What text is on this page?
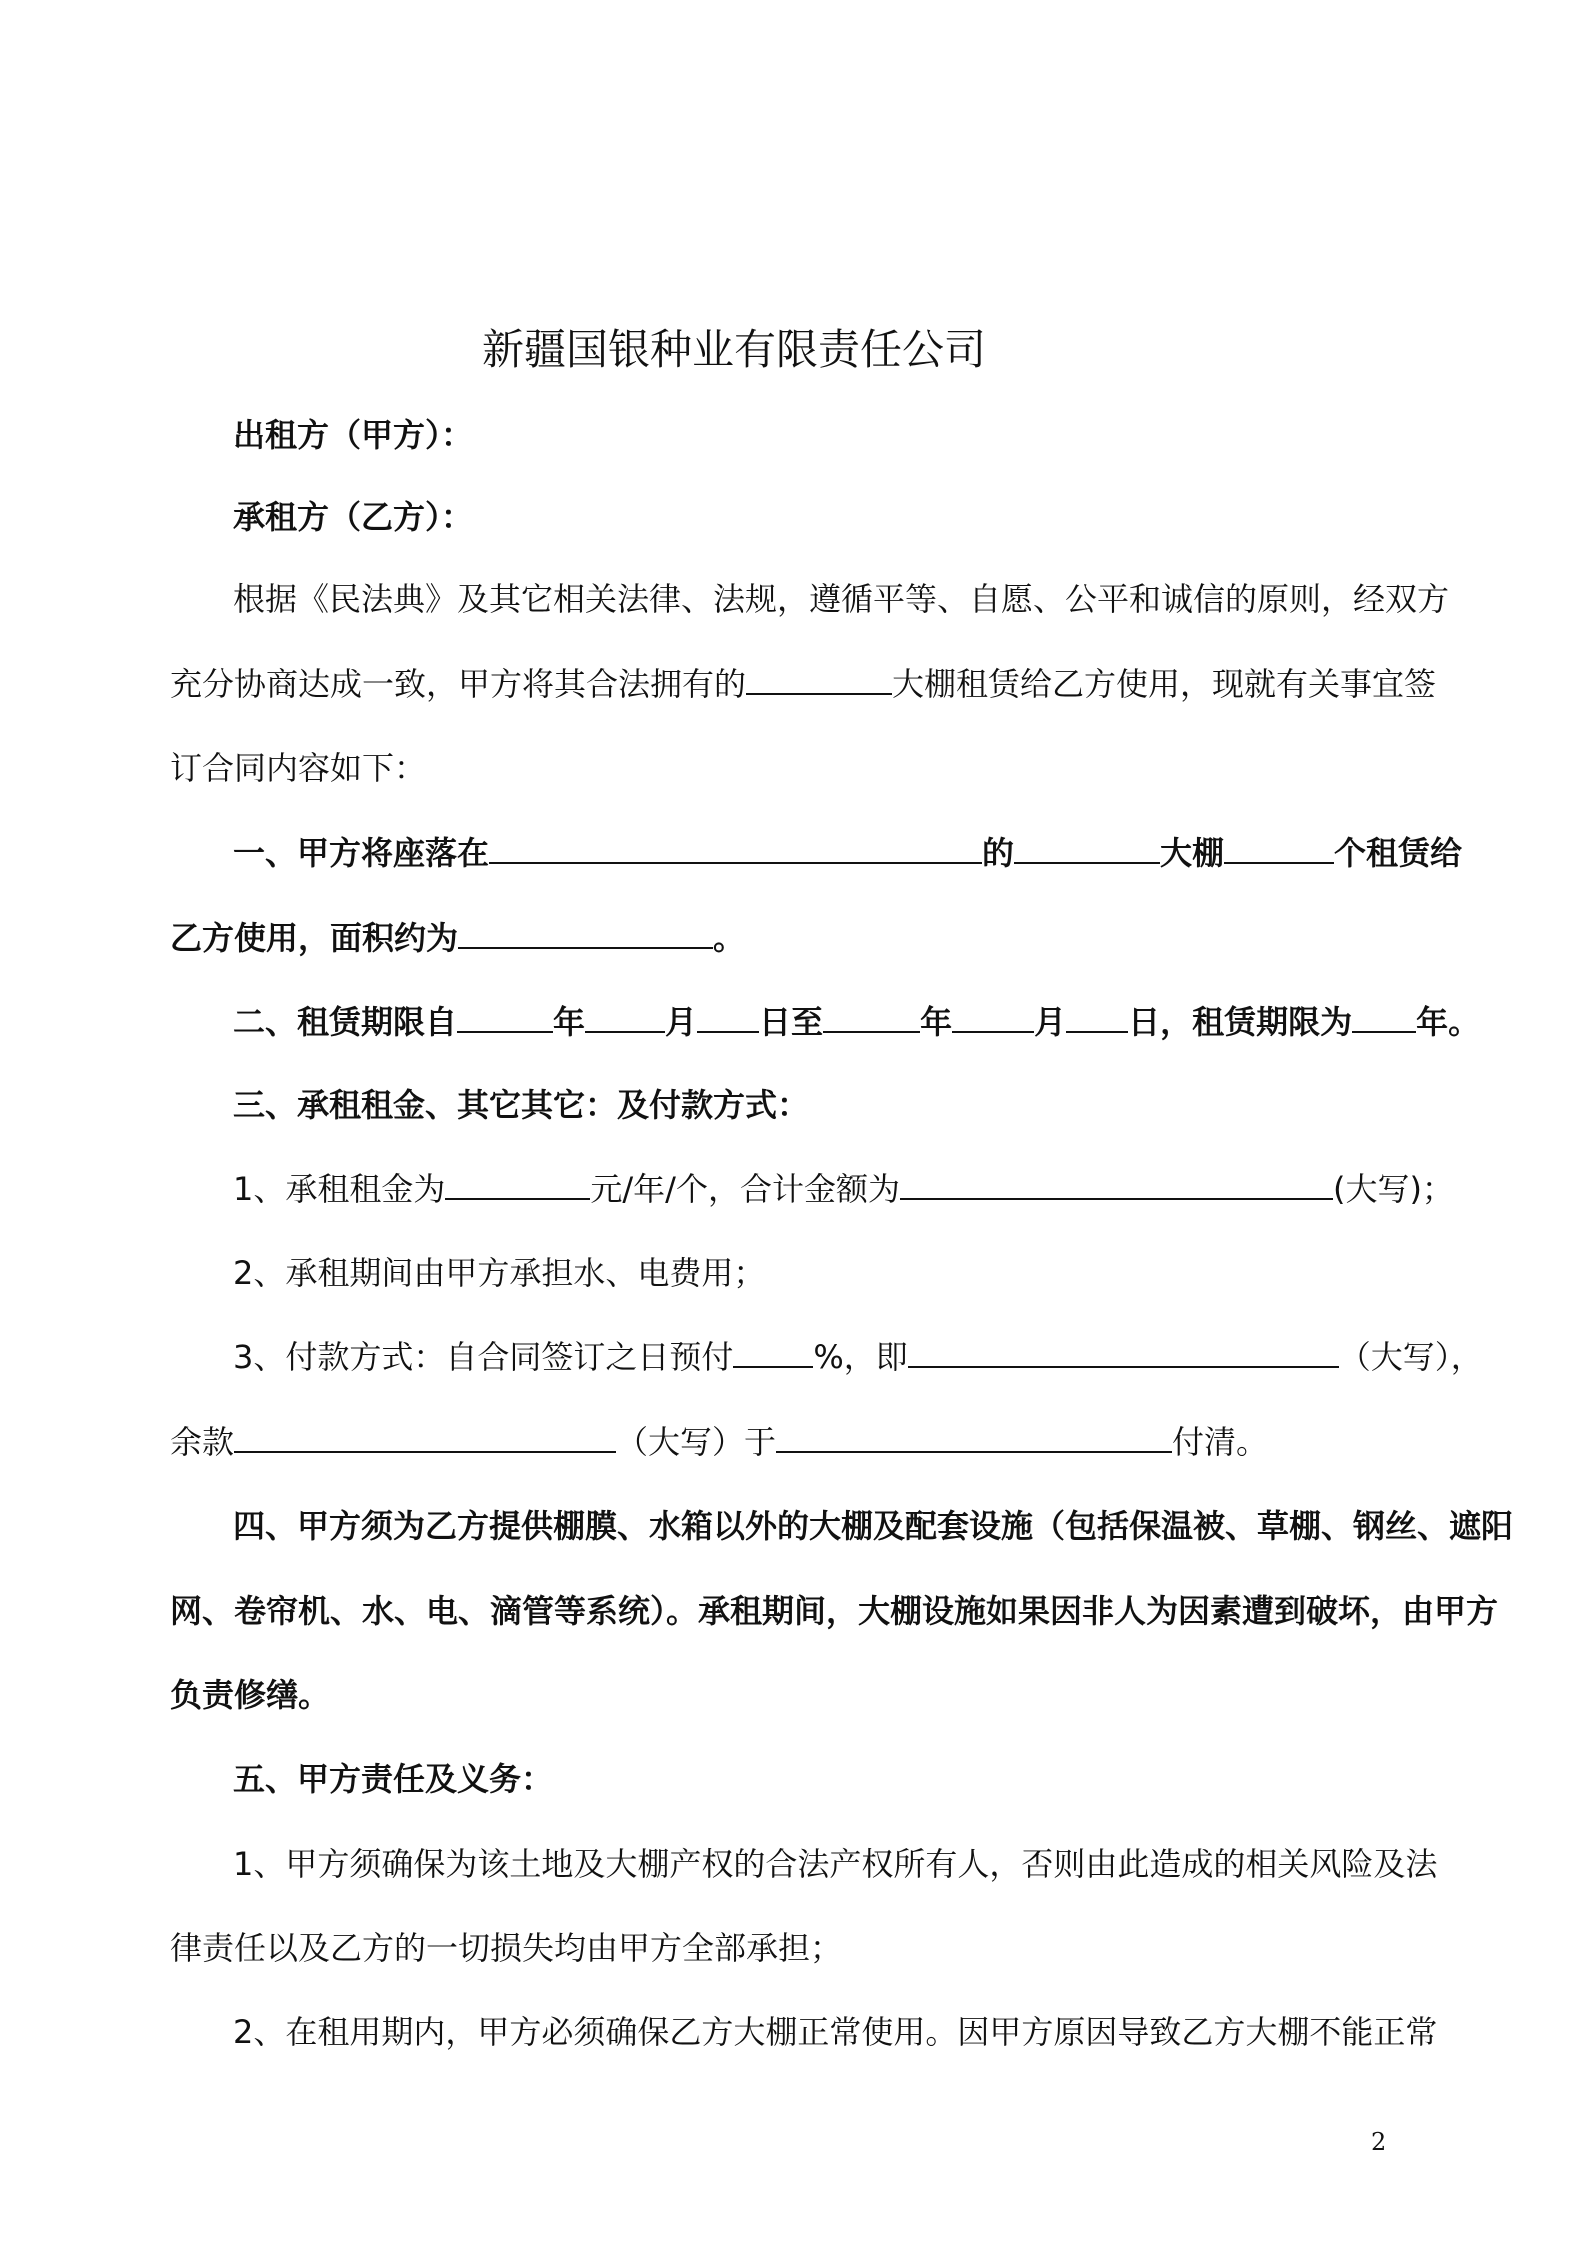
新疆国银种业有限责任公司

出租方（甲方）：

承租方（乙方）：

根据《民法典》及其它相关法律、法规，遵循平等、自愿、公平和诚信的原则，经双方

充分协商达成一致，甲方将其合法拥有的	大棚租赁给乙方使用，现就有关事宜签

订合同内容如下：

一、甲方将座落在	的	大棚	个租赁给

乙方使用，面积约为	。

二、租赁期限自	年	月 日至	年	月 日，租赁期限为 年。

三、承租租金、其它其它：及付款方式：

1、承租租金为	元/年/个，合计金额为	(大写)；

2、承租期间由甲方承担水、电费用；

3、付款方式：自合同签订之日预付	%，即	（大写），

余款	（大写）于	付清。

四、甲方须为乙方提供棚膜、水箱以外的大棚及配套设施（包括保温被、草棚、钢丝、遮阳

网、卷帘机、水、电、滴管等系统）。承租期间，大棚设施如果因非人为因素遭到破坏，由甲方

负责修缮。

五、甲方责任及义务：

1、甲方须确保为该土地及大棚产权的合法产权所有人，否则由此造成的相关风险及法

律责任以及乙方的一切损失均由甲方全部承担；

2、在租用期内，甲方必须确保乙方大棚正常使用。因甲方原因导致乙方大棚不能正常

2
